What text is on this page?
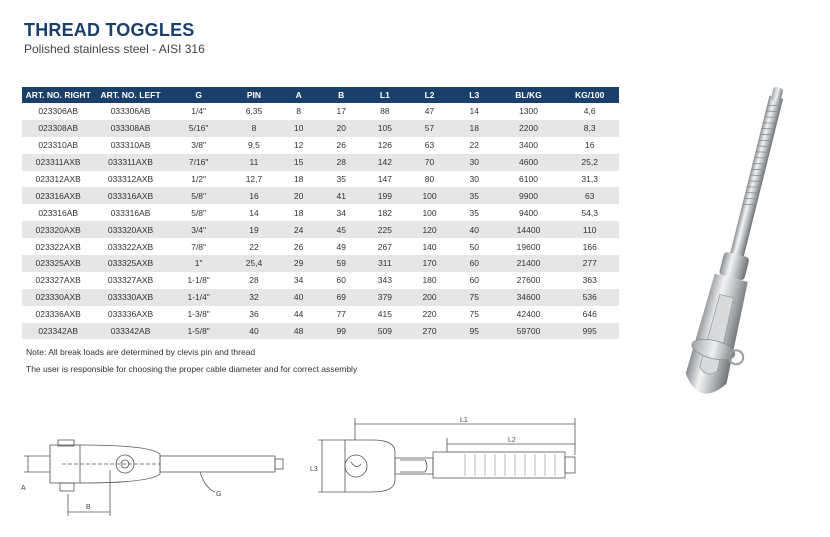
THREAD TOGGLES
Polished stainless steel - AISI 316
ART. NO. RIGHT	ART. NO. LEFT	G	PIN	A	B	L1	L2	L3	BL/KG	KG/100
023306AB	033306AB	1/4"	6,35	8	17	88	47	14	1300	4,6
023308AB	033308AB	5/16"	8	10	20	105	57	18	2200	8,3
023310AB	033310AB	3/8"	9,5	12	26	126	63	22	3400	16
023311AXB	033311AXB	7/16"	11	15	28	142	70	30	4600	25,2
023312AXB	033312AXB	1/2"	12,7	18	35	147	80	30	6100	31,3
023316AXB	033316AXB	5/8"	16	20	41	199	100	35	9900	63
023316AB	033316AB	5/8"	14	18	34	182	100	35	9400	54,3
023320AXB	033320AXB	3/4"	19	24	45	225	120	40	14400	110
023322AXB	033322AXB	7/8"	22	26	49	267	140	50	19600	166
023325AXB	033325AXB	1"	25,4	29	59	311	170	60	21400	277
023327AXB	033327AXB	1-1/8"	28	34	60	343	180	60	27600	363
023330AXB	033330AXB	1-1/4"	32	40	69	379	200	75	34600	536
023336AXB	033336AXB	1-3/8"	36	44	77	415	220	75	42400	646
023342AB	033342AB	1-5/8"	40	48	99	509	270	95	59700	995
Note: All break loads are determined by clevis pin and thread
The user is responsible for choosing the proper cable diameter and for correct assembly
A
B
G
L3
L1
L2
